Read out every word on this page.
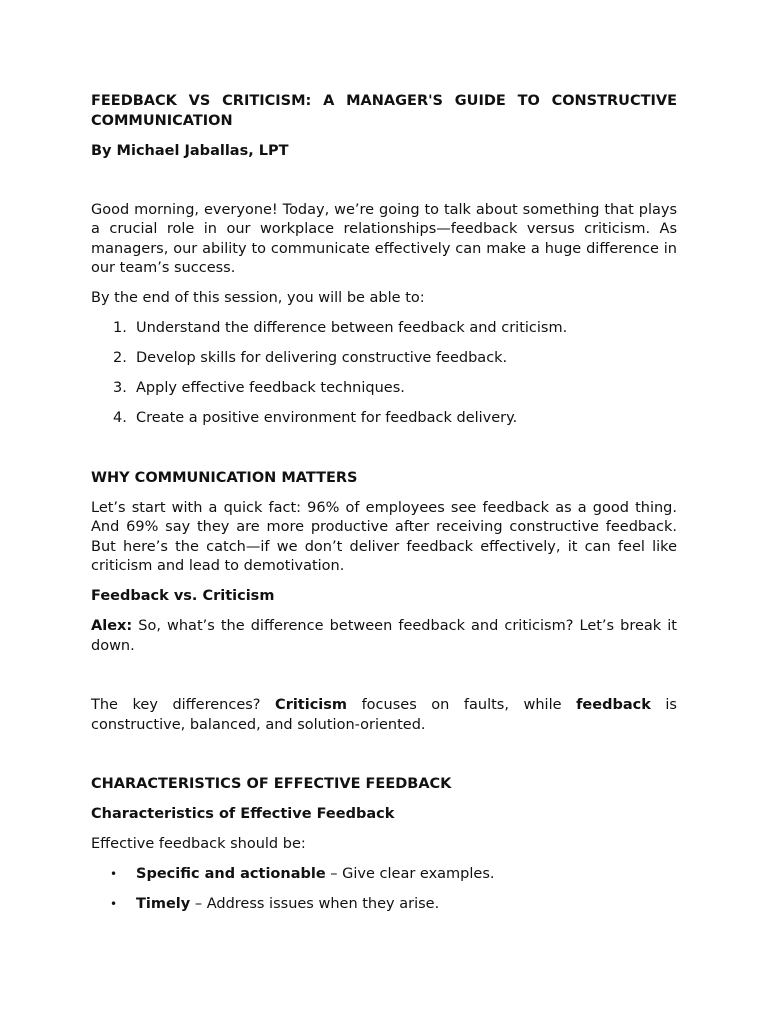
FEEDBACK VS CRITICISM: A MANAGER'S GUIDE TO CONSTRUCTIVE COMMUNICATION
By Michael Jaballas, LPT

Good morning, everyone! Today, we’re going to talk about something that plays a crucial role in our workplace relationships—feedback versus criticism. As managers, our ability to communicate effectively can make a huge difference in our team’s success.

By the end of this session, you will be able to:

1. Understand the difference between feedback and criticism.
2. Develop skills for delivering constructive feedback.
3. Apply effective feedback techniques.
4. Create a positive environment for feedback delivery.
WHY COMMUNICATION MATTERS

Let’s start with a quick fact: 96% of employees see feedback as a good thing. And 69% say they are more productive after receiving constructive feedback. But here’s the catch—if we don’t deliver feedback effectively, it can feel like criticism and lead to demotivation.

Feedback vs. Criticism

Alex: So, what’s the difference between feedback and criticism? Let’s break it down.

The key differences? Criticism focuses on faults, while feedback is constructive, balanced, and solution-oriented.

CHARACTERISTICS OF EFFECTIVE FEEDBACK
Characteristics of Effective Feedback

Effective feedback should be:

• Specific and actionable – Give clear examples.
• Timely – Address issues when they arise.
